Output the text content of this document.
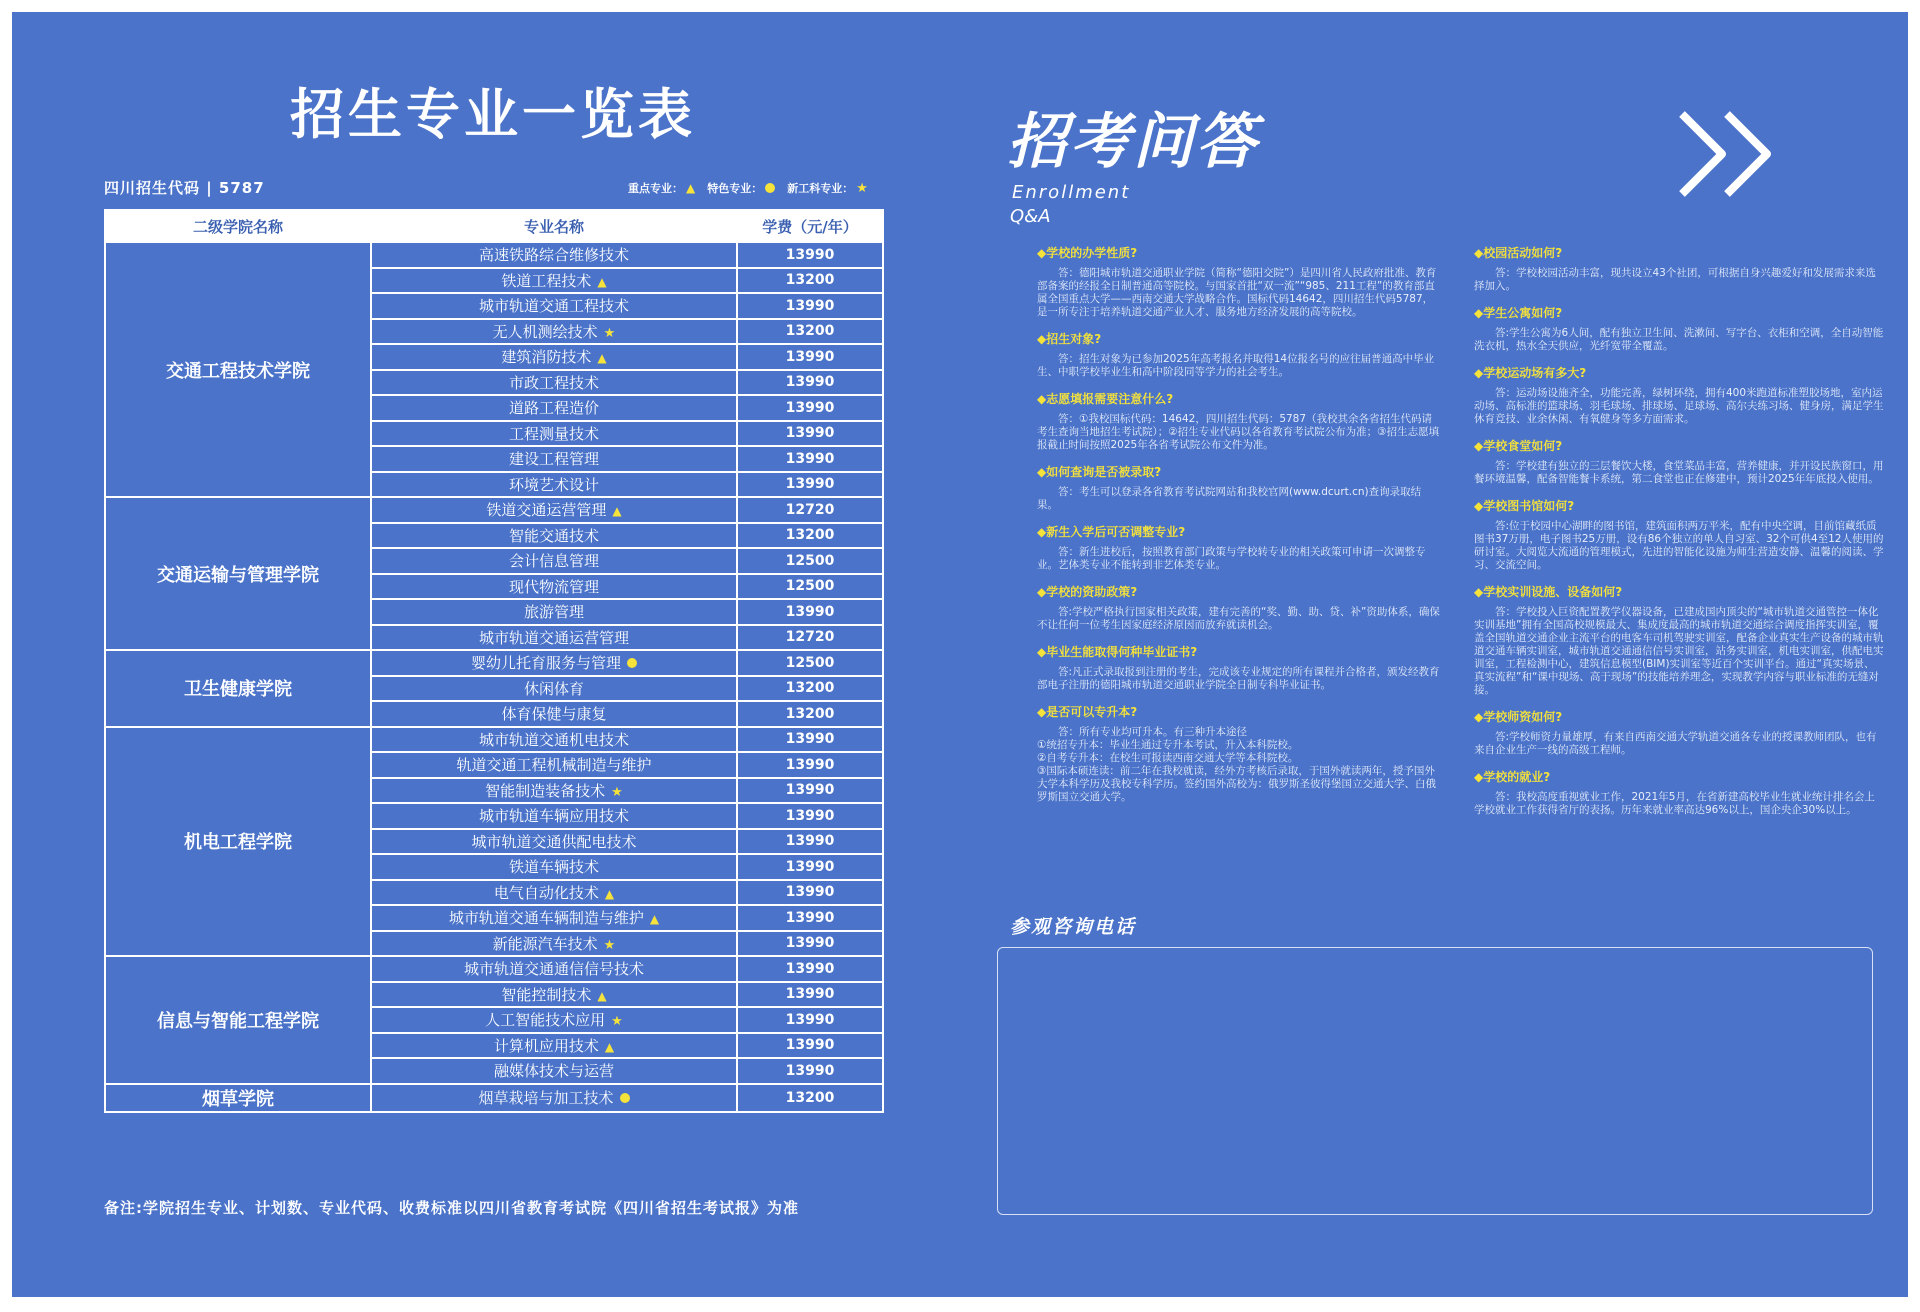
招生专业一览表
四川招生代码 | 5787	重点专业： ▲ 特色专业： 新工科专业： ★
二级学院名称	专业名称	学费（元/年）
交通工程技术学院	高速铁路综合维修技术	13990
	铁道工程技术 ▲	13200
	城市轨道交通工程技术	13990
	无人机测绘技术 ★	13200
	建筑消防技术 ▲	13990
	市政工程技术	13990
	道路工程造价	13990
	工程测量技术	13990
	建设工程管理	13990
	环境艺术设计	13990
交通运输与管理学院	铁道交通运营管理 ▲	12720
	智能交通技术	13200
	会计信息管理	12500
	现代物流管理	12500
	旅游管理	13990
	城市轨道交通运营管理	12720
卫生健康学院	婴幼儿托育服务与管理	12500
	休闲体育	13200
	体育保健与康复	13200
机电工程学院	城市轨道交通机电技术	13990
	轨道交通工程机械制造与维护	13990
	智能制造装备技术 ★	13990
	城市轨道车辆应用技术	13990
	城市轨道交通供配电技术	13990
	铁道车辆技术	13990
	电气自动化技术 ▲	13990
	城市轨道交通车辆制造与维护 ▲	13990
	新能源汽车技术 ★	13990
信息与智能工程学院	城市轨道交通通信信号技术	13990
	智能控制技术 ▲	13990
	人工智能技术应用 ★	13990
	计算机应用技术 ▲	13990
	融媒体技术与运营	13990
烟草学院	烟草栽培与加工技术	13200
备注:学院招生专业、计划数、专业代码、收费标准以四川省教育考试院《四川省招生考试报》为准
招考问答
Enrollment
Q&A
◆学校的办学性质?
答：德阳城市轨道交通职业学院（简称“德阳交院”）是四川省人民政府批准、教育部备案的经报全日制普通高等院校。与国家首批“双一流”“985、211工程”的教育部直属全国重点大学——西南交通大学战略合作。国标代码14642，四川招生代码5787，是一所专注于培养轨道交通产业人才、服务地方经济发展的高等院校。
◆招生对象?
答：招生对象为已参加2025年高考报名并取得14位报名号的应往届普通高中毕业生、中职学校毕业生和高中阶段同等学力的社会考生。
◆志愿填报需要注意什么?
答：①我校国标代码：14642，四川招生代码：5787（我校其余各省招生代码请考生查询当地招生考试院）；②招生专业代码以各省教育考试院公布为准；③招生志愿填报截止时间按照2025年各省考试院公布文件为准。
◆如何查询是否被录取?
答：考生可以登录各省教育考试院网站和我校官网(www.dcurt.cn)查询录取结果。
◆新生入学后可否调整专业?
答：新生进校后，按照教育部门政策与学校转专业的相关政策可申请一次调整专业。艺体类专业不能转到非艺体类专业。
◆学校的资助政策?
答:学校严格执行国家相关政策，建有完善的“奖、勤、助、贷、补”资助体系，确保不让任何一位考生因家庭经济原因而放弃就读机会。
◆毕业生能取得何种毕业证书?
答:凡正式录取报到注册的考生，完成该专业规定的所有课程并合格者，颁发经教育部电子注册的德阳城市轨道交通职业学院全日制专科毕业证书。
◆是否可以专升本?
答：所有专业均可升本。有三种升本途径
①统招专升本：毕业生通过专升本考试，升入本科院校。
②自考专升本：在校生可报读西南交通大学等本科院校。
③国际本硕连读：前二年在我校就读，经外方考核后录取，于国外就读两年，授予国外大学本科学历及我校专科学历。签约国外高校为：俄罗斯圣彼得堡国立交通大学、白俄罗斯国立交通大学。
◆校园活动如何?
答：学校校园活动丰富，现共设立43个社团，可根据自身兴趣爱好和发展需求来选择加入。
◆学生公寓如何?
答:学生公寓为6人间，配有独立卫生间、洗漱间、写字台、衣柜和空调，全自动智能洗衣机，热水全天供应，光纤宽带全覆盖。
◆学校运动场有多大?
答：运动场设施齐全，功能完善，绿树环绕，拥有400米跑道标准塑胶场地，室内运动场、高标准的篮球场、羽毛球场、排球场、足球场、高尔夫练习场、健身房，满足学生休育竞技、业余休闲、有氧健身等多方面需求。
◆学校食堂如何?
答：学校建有独立的三层餐饮大楼，食堂菜品丰富，营养健康，并开设民族窗口，用餐环境温馨，配备智能餐卡系统，第二食堂也正在修建中，预计2025年年底投入使用。
◆学校图书馆如何?
答:位于校园中心湖畔的图书馆，建筑面积两万平米，配有中央空调，目前馆藏纸质图书37万册，电子图书25万册，设有86个独立的单人自习室、32个可供4至12人使用的研讨室。大阅览大流通的管理模式，先进的智能化设施为师生营造安静、温馨的阅读、学习、交流空间。
◆学校实训设施、设备如何?
答：学校投入巨资配置教学仪器设备，已建成国内顶尖的“城市轨道交通管控一体化实训基地”拥有全国高校规模最大、集成度最高的城市轨道交通综合调度指挥实训室，覆盖全国轨道交通企业主流平台的电客车司机驾驶实训室，配备企业真实生产设备的城市轨道交通车辆实训室，城市轨道交通通信信号实训室，站务实训室，机电实训室，供配电实训室，工程检测中心，建筑信息模型(BIM)实训室等近百个实训平台。通过“真实场景、真实流程”和“课中现场、高于现场”的技能培养理念，实现教学内容与职业标准的无缝对接。
◆学校师资如何?
答:学校师资力量雄厚，有来自西南交通大学轨道交通各专业的授课教师团队，也有来自企业生产一线的高级工程师。
◆学校的就业?
答：我校高度重视就业工作，2021年5月，在省新建高校毕业生就业统计排名会上学校就业工作获得省厅的表扬。历年来就业率高达96%以上，国企央企30%以上。
参观咨询电话
